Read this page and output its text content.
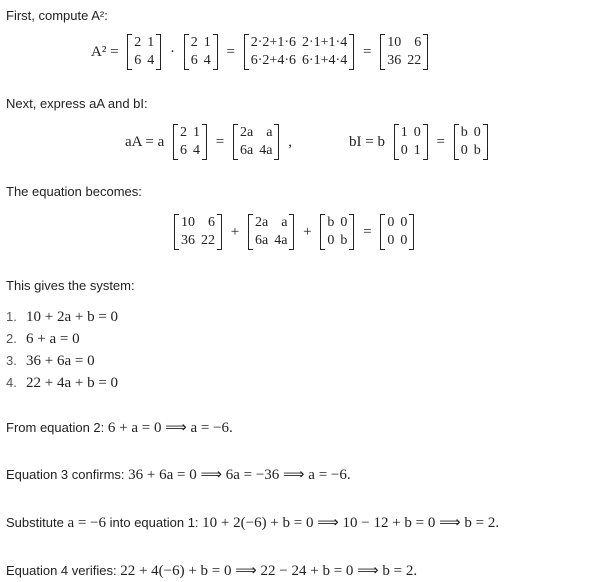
First, compute A²:
A² =
2	1
6	4
·
2	1
6	4
=
2·2+1·6	2·1+1·4
6·2+4·6	6·1+4·4
=
10	6
36	22
Next, express aA and bI:
aA = a
2	1
6	4
=
2a	a
6a	4a
,	bI = b
1	0
0	1
=
b	0
0	b
The equation becomes:
10	6
36	22
+
2a	a
6a	4a
+
b	0
0	b
=
0	0
0	0
This gives the system:
1. 10 + 2a + b = 0
2. 6 + a = 0
3. 36 + 6a = 0
4. 22 + 4a + b = 0
From equation 2: 6 + a = 0 ⟹ a = −6.
Equation 3 confirms: 36 + 6a = 0 ⟹ 6a = −36 ⟹ a = −6.
Substitute a = −6 into equation 1: 10 + 2(−6) + b = 0 ⟹ 10 − 12 + b = 0 ⟹ b = 2.
Equation 4 verifies: 22 + 4(−6) + b = 0 ⟹ 22 − 24 + b = 0 ⟹ b = 2.
